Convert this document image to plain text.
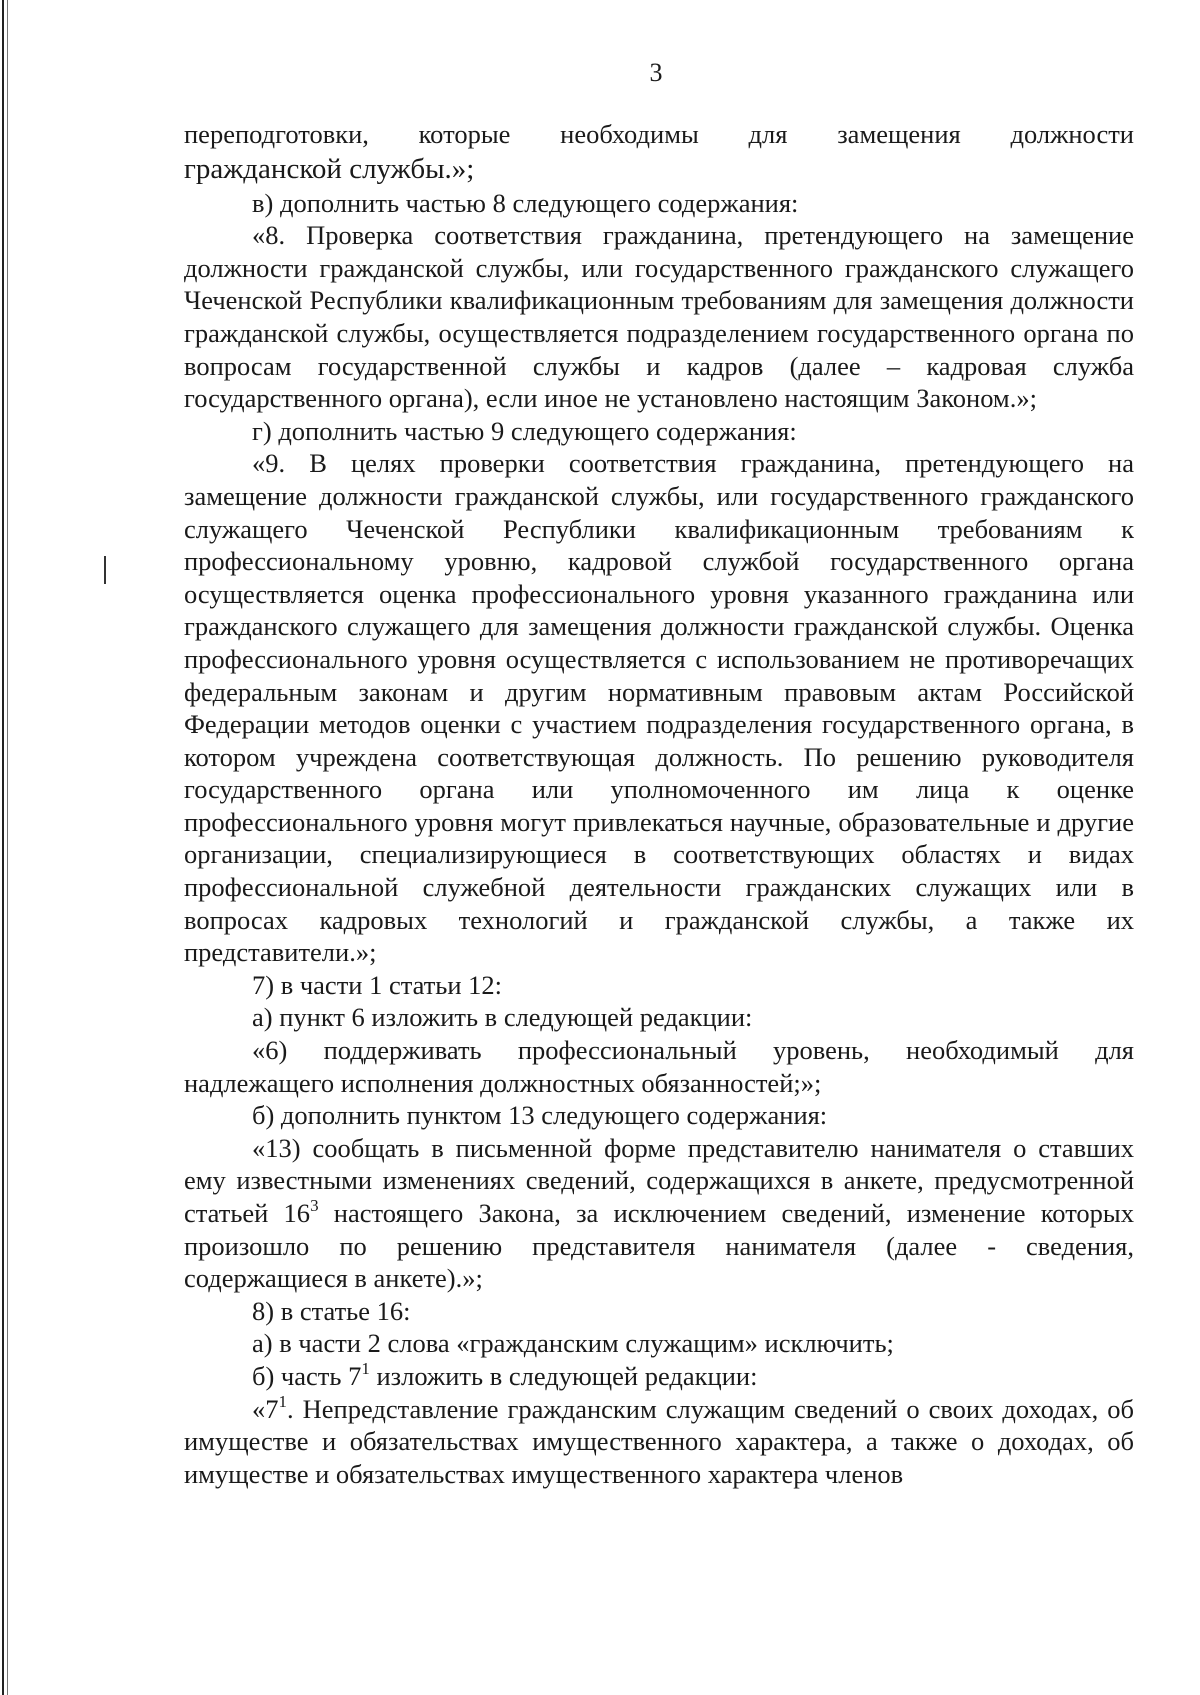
3

переподготовки, которые необходимы для замещения должности

гражданской службы.»;

в) дополнить частью 8 следующего содержания:

«8. Проверка соответствия гражданина, претендующего на замещение должности гражданской службы, или государственного гражданского служащего Чеченской Республики квалификационным требованиям для замещения должности гражданской службы, осуществляется подразделением государственного органа по вопросам государственной службы и кадров (далее – кадровая служба государственного органа), если иное не установлено настоящим Законом.»;

г) дополнить частью 9 следующего содержания:

«9. В целях проверки соответствия гражданина, претендующего на замещение должности гражданской службы, или государственного гражданского служащего Чеченской Республики квалификационным требованиям к профессиональному уровню, кадровой службой государственного органа осуществляется оценка профессионального уровня указанного гражданина или гражданского служащего для замещения должности гражданской службы. Оценка профессионального уровня осуществляется с использованием не противоречащих федеральным законам и другим нормативным правовым актам Российской Федерации методов оценки с участием подразделения государственного органа, в котором учреждена соответствующая должность. По решению руководителя государственного органа или уполномоченного им лица к оценке профессионального уровня могут привлекаться научные, образовательные и другие организации, специализирующиеся в соответствующих областях и видах профессиональной служебной деятельности гражданских служащих или в вопросах кадровых технологий и гражданской службы, а также их представители.»;

7) в части 1 статьи 12:

а) пункт 6 изложить в следующей редакции:

«6) поддерживать профессиональный уровень, необходимый для надлежащего исполнения должностных обязанностей;»;

б) дополнить пунктом 13 следующего содержания:

«13) сообщать в письменной форме представителю нанимателя о ставших ему известными изменениях сведений, содержащихся в анкете, предусмотренной статьей $16^3$ настоящего Закона, за исключением сведений, изменение которых произошло по решению представителя нанимателя (далее - сведения, содержащиеся в анкете).»;

8) в статье 16:

а) в части 2 слова «гражданским служащим» исключить;

б) часть $7^1$ изложить в следующей редакции:

«$7^1$. Непредставление гражданским служащим сведений о своих доходах, об имуществе и обязательствах имущественного характера, а также о доходах, об имуществе и обязательствах имущественного характера членов
